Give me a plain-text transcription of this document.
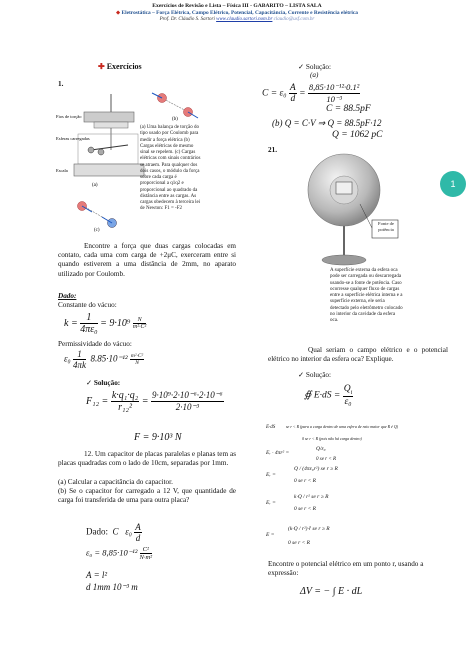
Exercícios de Revisão e Lista – Física III - GABARITO – LISTA SALA
◆ Eletrostática – Força Elétrica, Campo Elétrico, Potencial, Capacitância, Corrente e Resistência elétrica
Prof. Dr. Cláudio S. Sartori www.claudio.sartori.nom.br claudio@usf.com.br
✚ Exercícios
1.
Fios de torção
Esferas carregadas
Escala
(a)
(b)
(c)
(a) Uma balança de torção do tipo usado por Coulomb para medir a força elétrica (b) Cargas elétricas de mesmo sinal se repelem. (c) Cargas elétricas com sinais contrários se atraem. Para qualquer dos dois casos, o módulo da força sobre cada carga é proporcional a q1q2 e proporcional ao quadrado da distância entre as cargas. As cargas obedecem à terceira lei de Newton: F1 = -F2
Encontre a força que duas cargas colocadas em contato, cada uma com carga de +2μC, exerceram entre si quando estiverem a uma distância de 2mm, no aparato utilizado por Coulomb.
Dado:
Constante do vácuo:
$k = \frac{1}{\text{4πε₀}} = 9\cdot 10^9 \frac{N}{\text{m²·C²}}$
Permissividade do vácuo:
$\varepsilon_0 \frac{1}{4\pi k} 8.85\cdot 10^{-12} \frac{\text{m²·C²}}{N}$
✓ Solução:
$F_{12} = \frac{\text{k·q₁·q₂}}{\text{r₁₂²}} = \frac{\text{9·10⁹·2·10⁻⁶·2·10⁻⁶}}{\text{2·10⁻³}}$
F = 9·10³ N
12. Um capacitor de placas paralelas e planas tem as placas quadradas com o lado de 10cm, separadas por 1mm.
(a) Calcular a capacitância do capacitor.
(b) Se o capacitor for carregado a 12 V, que quantidade de carga foi transferida de uma para outra placa?
Dado:  C   $\varepsilon_0 \frac{A}{d}$
$\varepsilon_0 = 8,85\cdot 10^{-12} \frac{\text{C²}}{\text{N·m²}}$
A = l²
d 1mm 10⁻³ m
✓ Solução:
(a)
$C = \varepsilon_0 \frac{A}{d} = \frac{\text{8,85·10⁻¹²·0.1²}}{\text{10⁻³}}$
C = 88.5pF
(b) Q = C·V ⇒ Q = 88.5pF·12
Q = 1062 pC
21.
Fonte de potência
A superfície externa da esfera oca pode ser carregada ou descarregada usando-se a fonte de potência. Caso ocorresse qualquer fluxo de cargas entre a superfície elétrica interna e a superfície externa, ele seria detectado pelo eletrômetro colocado no interior da cavidade da esfera oca.
Qual seriam o campo elétrico e o potencial elétrico no interior da esfera oca? Explique.
✓ Solução:
∯ $E\cdot dS = \frac{Q_i}{\text{ε₀}}$
E·dS	se r < R (para a carga dentro de uma esfera de raio maior que R é Q)
0 se r < R (pois não há carga dentro)
Eᵣ · 4πr² =
Q/ε₀
0 se r < R
Eᵣ =
Q / (4πε₀r²) se r ≥ R
0 se r < R
Eᵣ =
k·Q / r² se r ≥ R
0 se r < R
E =
(k·Q / r²)·r̂ se r ≥ R
0 se r < R
Encontre o potencial elétrico em um ponto r, usando a expressão:
ΔV = − ∫ E · dL
1
